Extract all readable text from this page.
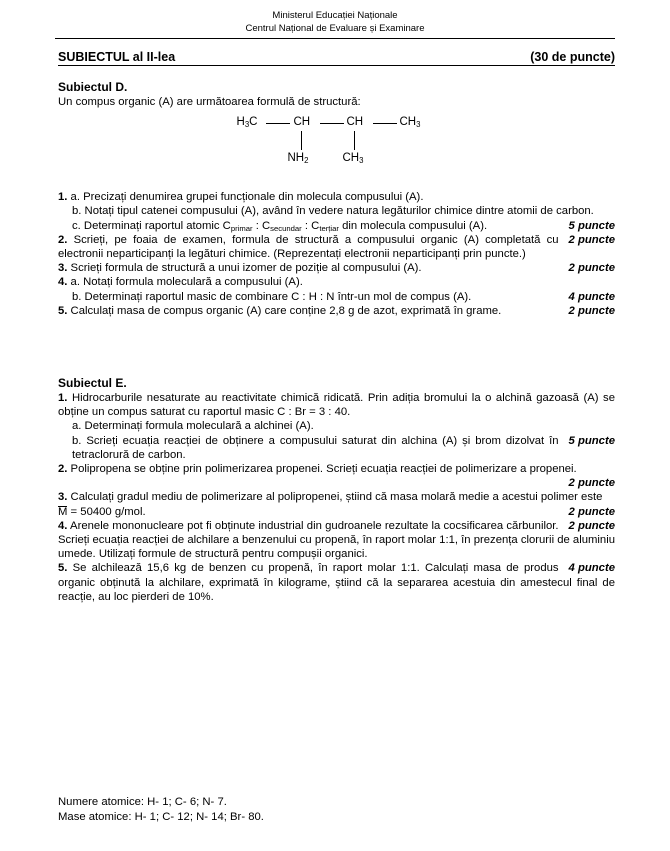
Ministerul Educației Naționale
Centrul Național de Evaluare și Examinare
SUBIECTUL al II-lea	(30 de puncte)
Subiectul D.
Un compus organic (A) are următoarea formulă de structură:
$H_3C$	CH	CH	$CH_3$
$NH_2$	$CH_3$
1. a. Precizați denumirea grupei funcționale din molecula compusului (A).
b. Notați tipul catenei compusului (A), având în vedere natura legăturilor chimice dintre atomii de carbon.
5 puncte
c. Determinați raportul atomic $C_{primar}$ : $C_{secundar}$ : $C_{terțiar}$ din molecula compusului (A).
2 puncte
2. Scrieți, pe foaia de examen, formula de structură a compusului organic (A) completată cu electronii neparticipanți la legături chimice. (Reprezentați electronii neparticipanți prin puncte.)
2 puncte
3. Scrieți formula de structură a unui izomer de poziție al compusului (A).
4. a. Notați formula moleculară a compusului (A).
4 puncte
b. Determinați raportul masic de combinare C : H : N într-un mol de compus (A).
2 puncte
5. Calculați masa de compus organic (A) care conține 2,8 g de azot, exprimată în grame.
Subiectul E.
1. Hidrocarburile nesaturate au reactivitate chimică ridicată. Prin adiția bromului la o alchină gazoasă (A) se obține un compus saturat cu raportul masic C : Br = 3 : 40.
a. Determinați formula moleculară a alchinei (A).
5 puncte
b. Scrieți ecuația reacției de obținere a compusului saturat din alchina (A) și brom dizolvat în tetraclorură de carbon.
2. Polipropena se obține prin polimerizarea propenei. Scrieți ecuația reacției de polimerizare a propenei.
2 puncte
3. Calculați gradul mediu de polimerizare al polipropenei, știind că masa molară medie a acestui polimer este
2 puncte
M = 50400 g/mol.
2 puncte
4. Arenele mononucleare pot fi obținute industrial din gudroanele rezultate la cocsificarea cărbunilor. Scrieți ecuația reacției de alchilare a benzenului cu propenă, în raport molar 1:1, în prezența clorurii de aluminiu umede. Utilizați formule de structură pentru compușii organici.
4 puncte
5. Se alchilează 15,6 kg de benzen cu propenă, în raport molar 1:1. Calculați masa de produs organic obținută la alchilare, exprimată în kilograme, știind că la separarea acestuia din amestecul final de reacție, au loc pierderi de 10%.
Numere atomice: H- 1; C- 6; N- 7.
Mase atomice: H- 1; C- 12; N- 14; Br- 80.
